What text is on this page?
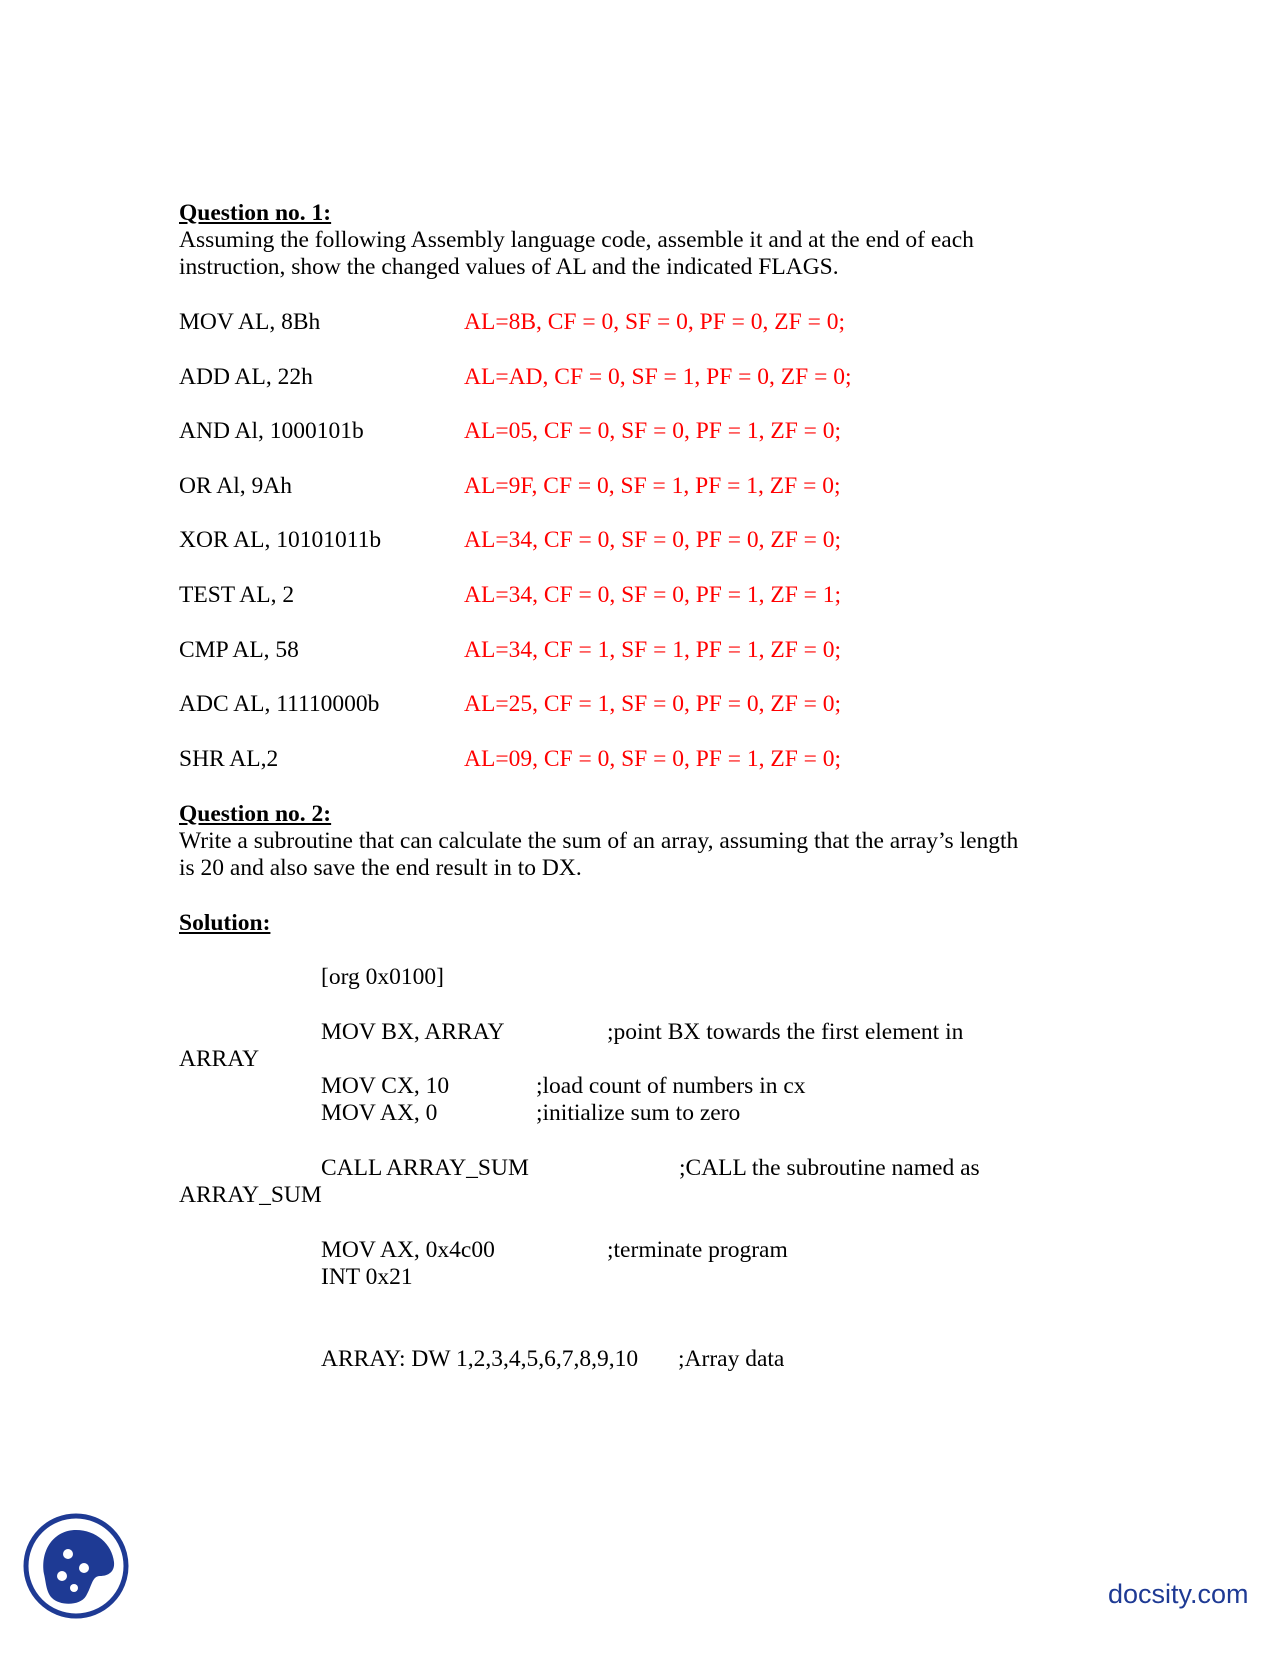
Question no. 1:
Assuming the following Assembly language code, assemble it and at the end of each
instruction, show the changed values of AL and the indicated FLAGS.
MOV AL, 8Bh	AL=8B, CF = 0, SF = 0, PF = 0, ZF = 0;
ADD AL, 22h	AL=AD, CF = 0, SF = 1, PF = 0, ZF = 0;
AND Al, 1000101b	AL=05, CF = 0, SF = 0, PF = 1, ZF = 0;
OR Al, 9Ah	AL=9F, CF = 0, SF = 1, PF = 1, ZF = 0;
XOR AL, 10101011b	AL=34, CF = 0, SF = 0, PF = 0, ZF = 0;
TEST AL, 2	AL=34, CF = 0, SF = 0, PF = 1, ZF = 1;
CMP AL, 58	AL=34, CF = 1, SF = 1, PF = 1, ZF = 0;
ADC AL, 11110000b	AL=25, CF = 1, SF = 0, PF = 0, ZF = 0;
SHR AL,2	AL=09, CF = 0, SF = 0, PF = 1, ZF = 0;
Question no. 2:
Write a subroutine that can calculate the sum of an array, assuming that the array’s length
is 20 and also save the end result in to DX.
Solution:
[org 0x0100]
MOV BX, ARRAY	;point BX towards the first element in
ARRAY
MOV CX, 10	;load count of numbers in cx
MOV AX, 0	;initialize sum to zero
CALL ARRAY_SUM	;CALL the subroutine named as
ARRAY_SUM
MOV AX, 0x4c00	;terminate program
INT 0x21
ARRAY: DW 1,2,3,4,5,6,7,8,9,10 ;Array data
docsity.com
